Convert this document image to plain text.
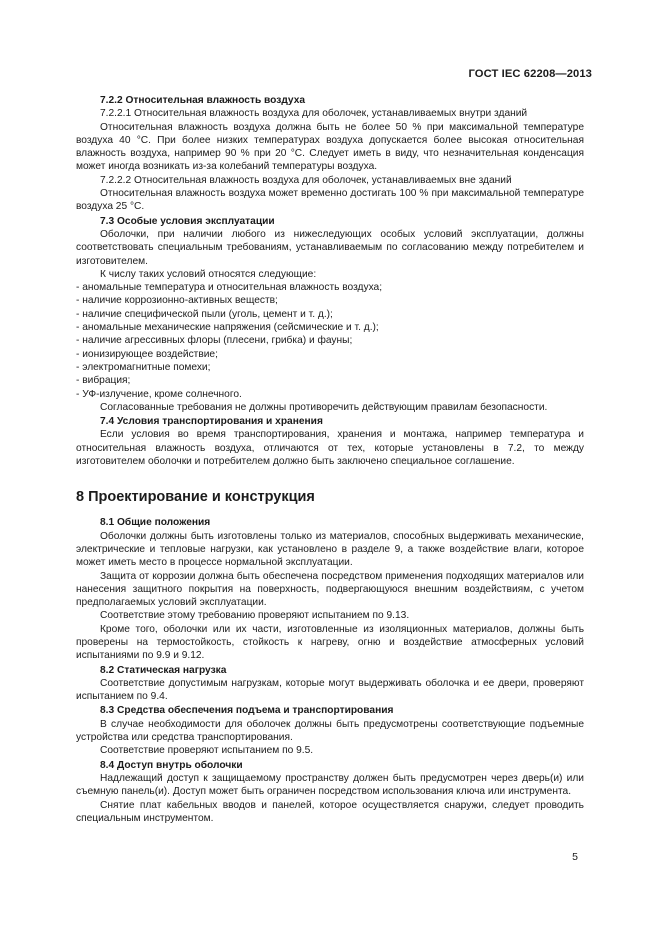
ГОСТ IEC 62208—2013

7.2.2 Относительная влажность воздуха

7.2.2.1 Относительная влажность воздуха для оболочек, устанавливаемых внутри зданий

Относительная влажность воздуха должна быть не более 50 % при максимальной температуре воздуха 40 °С. При более низких температурах воздуха допускается более высокая относительная влажность воздуха, например 90 % при 20 °С. Следует иметь в виду, что незначительная конденсация может иногда возникать из-за колебаний температуры воздуха.

7.2.2.2 Относительная влажность воздуха для оболочек, устанавливаемых вне зданий

Относительная влажность воздуха может временно достигать 100 % при максимальной температуре воздуха 25 °С.

7.3 Особые условия эксплуатации

Оболочки, при наличии любого из нижеследующих особых условий эксплуатации, должны соответствовать специальным требованиям, устанавливаемым по согласованию между потребителем и изготовителем.

К числу таких условий относятся следующие:

- аномальные температура и относительная влажность воздуха;

- наличие коррозионно-активных веществ;

- наличие специфической пыли (уголь, цемент и т. д.);

- аномальные механические напряжения (сейсмические и т. д.);

- наличие агрессивных флоры (плесени, грибка) и фауны;

- ионизирующее воздействие;

- электромагнитные помехи;

- вибрация;

- УФ-излучение, кроме солнечного.

Согласованные требования не должны противоречить действующим правилам безопасности.

7.4 Условия транспортирования и хранения

Если условия во время транспортирования, хранения и монтажа, например температура и относительная влажность воздуха, отличаются от тех, которые установлены в 7.2, то между изготовителем оболочки и потребителем должно быть заключено специальное соглашение.

8 Проектирование и конструкция

8.1 Общие положения

Оболочки должны быть изготовлены только из материалов, способных выдерживать механические, электрические и тепловые нагрузки, как установлено в разделе 9, а также воздействие влаги, которое может иметь место в процессе нормальной эксплуатации.

Защита от коррозии должна быть обеспечена посредством применения подходящих материалов или нанесения защитного покрытия на поверхность, подвергающуюся внешним воздействиям, с учетом предполагаемых условий эксплуатации.

Соответствие этому требованию проверяют испытанием по 9.13.

Кроме того, оболочки или их части, изготовленные из изоляционных материалов, должны быть проверены на термостойкость, стойкость к нагреву, огню и воздействие атмосферных условий испытаниями по 9.9 и 9.12.

8.2 Статическая нагрузка

Соответствие допустимым нагрузкам, которые могут выдерживать оболочка и ее двери, проверяют испытанием по 9.4.

8.3 Средства обеспечения подъема и транспортирования

В случае необходимости для оболочек должны быть предусмотрены соответствующие подъемные устройства или средства транспортирования.

Соответствие проверяют испытанием по 9.5.

8.4 Доступ внутрь оболочки

Надлежащий доступ к защищаемому пространству должен быть предусмотрен через дверь(и) или съемную панель(и). Доступ может быть ограничен посредством использования ключа или инструмента.

Снятие плат кабельных вводов и панелей, которое осуществляется снаружи, следует проводить специальным инструментом.

5
